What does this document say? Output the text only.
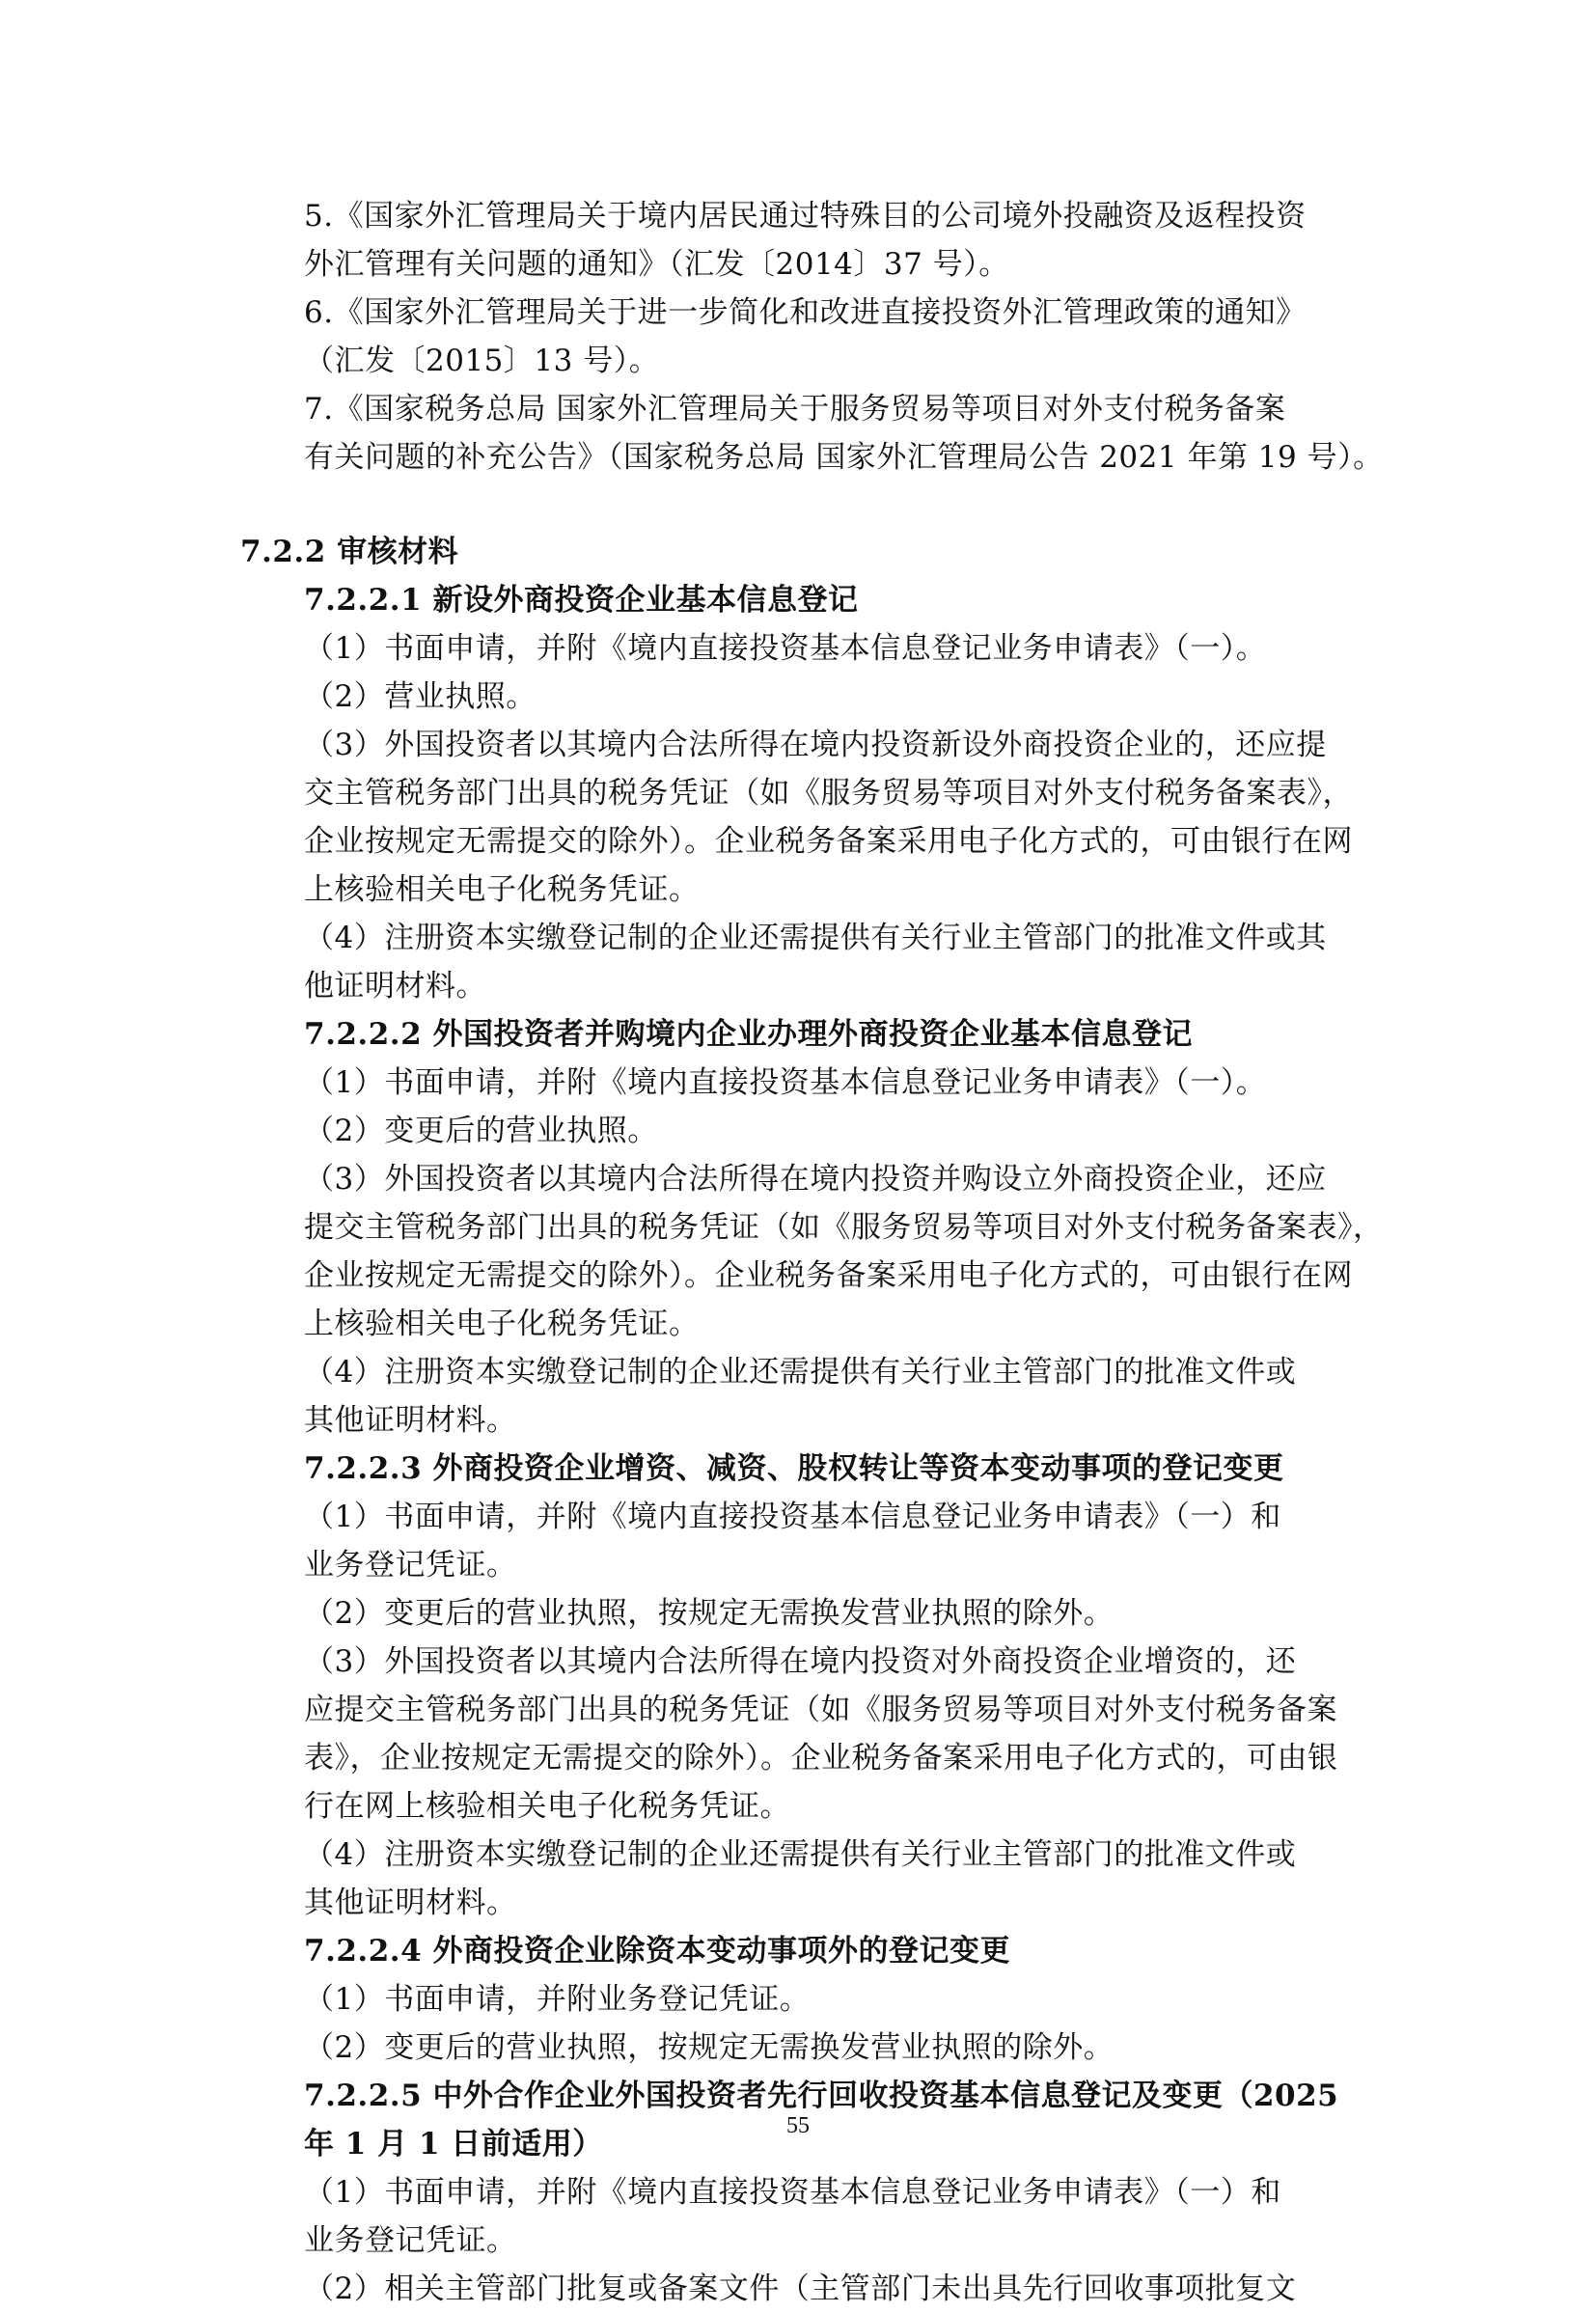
5.《国家外汇管理局关于境内居民通过特殊目的公司境外投融资及返程投资
外汇管理有关问题的通知》（汇发〔2014〕37 号）。

6.《国家外汇管理局关于进一步简化和改进直接投资外汇管理政策的通知》
（汇发〔2015〕13 号）。

7.《国家税务总局 国家外汇管理局关于服务贸易等项目对外支付税务备案
有关问题的补充公告》（国家税务总局 国家外汇管理局公告 2021 年第 19 号）。

7.2.2 审核材料

7.2.2.1 新设外商投资企业基本信息登记

（1）书面申请，并附《境内直接投资基本信息登记业务申请表》（一）。

（2）营业执照。

（3）外国投资者以其境内合法所得在境内投资新设外商投资企业的，还应提
交主管税务部门出具的税务凭证（如《服务贸易等项目对外支付税务备案表》，
企业按规定无需提交的除外）。企业税务备案采用电子化方式的，可由银行在网
上核验相关电子化税务凭证。

（4）注册资本实缴登记制的企业还需提供有关行业主管部门的批准文件或其
他证明材料。

7.2.2.2 外国投资者并购境内企业办理外商投资企业基本信息登记

（1）书面申请，并附《境内直接投资基本信息登记业务申请表》（一）。

（2）变更后的营业执照。

（3）外国投资者以其境内合法所得在境内投资并购设立外商投资企业，还应
提交主管税务部门出具的税务凭证（如《服务贸易等项目对外支付税务备案表》，
企业按规定无需提交的除外）。企业税务备案采用电子化方式的，可由银行在网
上核验相关电子化税务凭证。

（4）注册资本实缴登记制的企业还需提供有关行业主管部门的批准文件或
其他证明材料。

7.2.2.3 外商投资企业增资、减资、股权转让等资本变动事项的登记变更

（1）书面申请，并附《境内直接投资基本信息登记业务申请表》（一）和
业务登记凭证。

（2）变更后的营业执照，按规定无需换发营业执照的除外。

（3）外国投资者以其境内合法所得在境内投资对外商投资企业增资的，还
应提交主管税务部门出具的税务凭证（如《服务贸易等项目对外支付税务备案
表》，企业按规定无需提交的除外）。企业税务备案采用电子化方式的，可由银
行在网上核验相关电子化税务凭证。

（4）注册资本实缴登记制的企业还需提供有关行业主管部门的批准文件或
其他证明材料。

7.2.2.4 外商投资企业除资本变动事项外的登记变更

（1）书面申请，并附业务登记凭证。

（2）变更后的营业执照，按规定无需换发营业执照的除外。

7.2.2.5 中外合作企业外国投资者先行回收投资基本信息登记及变更（2025
年 1 月 1 日前适用）

（1）书面申请，并附《境内直接投资基本信息登记业务申请表》（一）和
业务登记凭证。

（2）相关主管部门批复或备案文件（主管部门未出具先行回收事项批复文

55
